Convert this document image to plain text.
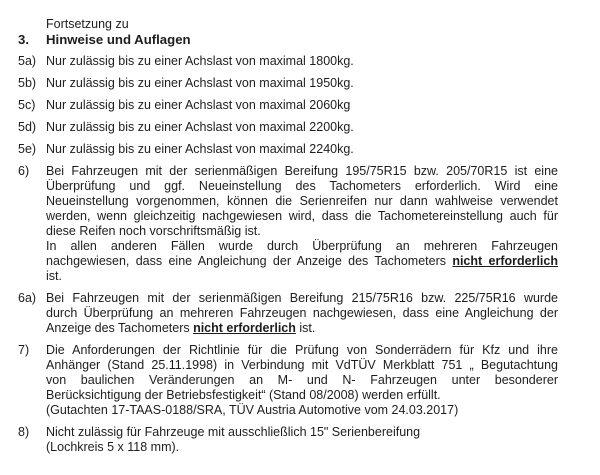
Fortsetzung zu
3.	Hinweise und Auflagen
5a) Nur zulässig bis zu einer Achslast von maximal 1800kg.
5b) Nur zulässig bis zu einer Achslast von maximal 1950kg.
5c) Nur zulässig bis zu einer Achslast von maximal 2060kg
5d) Nur zulässig bis zu einer Achslast von maximal 2200kg.
5e) Nur zulässig bis zu einer Achslast von maximal 2240kg.
6)	Bei Fahrzeugen mit der serienmäßigen Bereifung 195/75R15 bzw. 205/70R15 ist eine
Überprüfung und ggf. Neueinstellung des Tachometers erforderlich. Wird eine
Neueinstellung vorgenommen, können die Serienreifen nur dann wahlweise verwendet
werden, wenn gleichzeitig nachgewiesen wird, dass die Tachometereinstellung auch für
diese Reifen noch vorschriftsmäßig ist.
In allen anderen Fällen wurde durch Überprüfung an mehreren Fahrzeugen
nachgewiesen, dass eine Angleichung der Anzeige des Tachometers nicht erforderlich
ist.
6a) Bei Fahrzeugen mit der serienmäßigen Bereifung 215/75R16 bzw. 225/75R16 wurde
durch Überprüfung an mehreren Fahrzeugen nachgewiesen, dass eine Angleichung der
Anzeige des Tachometers nicht erforderlich ist.
7)	Die Anforderungen der Richtlinie für die Prüfung von Sonderrädern für Kfz und ihre
Anhänger (Stand 25.11.1998) in Verbindung mit VdTÜV Merkblatt 751 „ Begutachtung
von baulichen Veränderungen an M- und N- Fahrzeugen unter besonderer
Berücksichtigung der Betriebsfestigkeit“ (Stand 08/2008) werden erfüllt.
(Gutachten 17-TAAS-0188/SRA, TÜV Austria Automotive vom 24.03.2017)
8)	Nicht zulässig für Fahrzeuge mit ausschließlich 15" Serienbereifung
(Lochkreis 5 x 118 mm).
